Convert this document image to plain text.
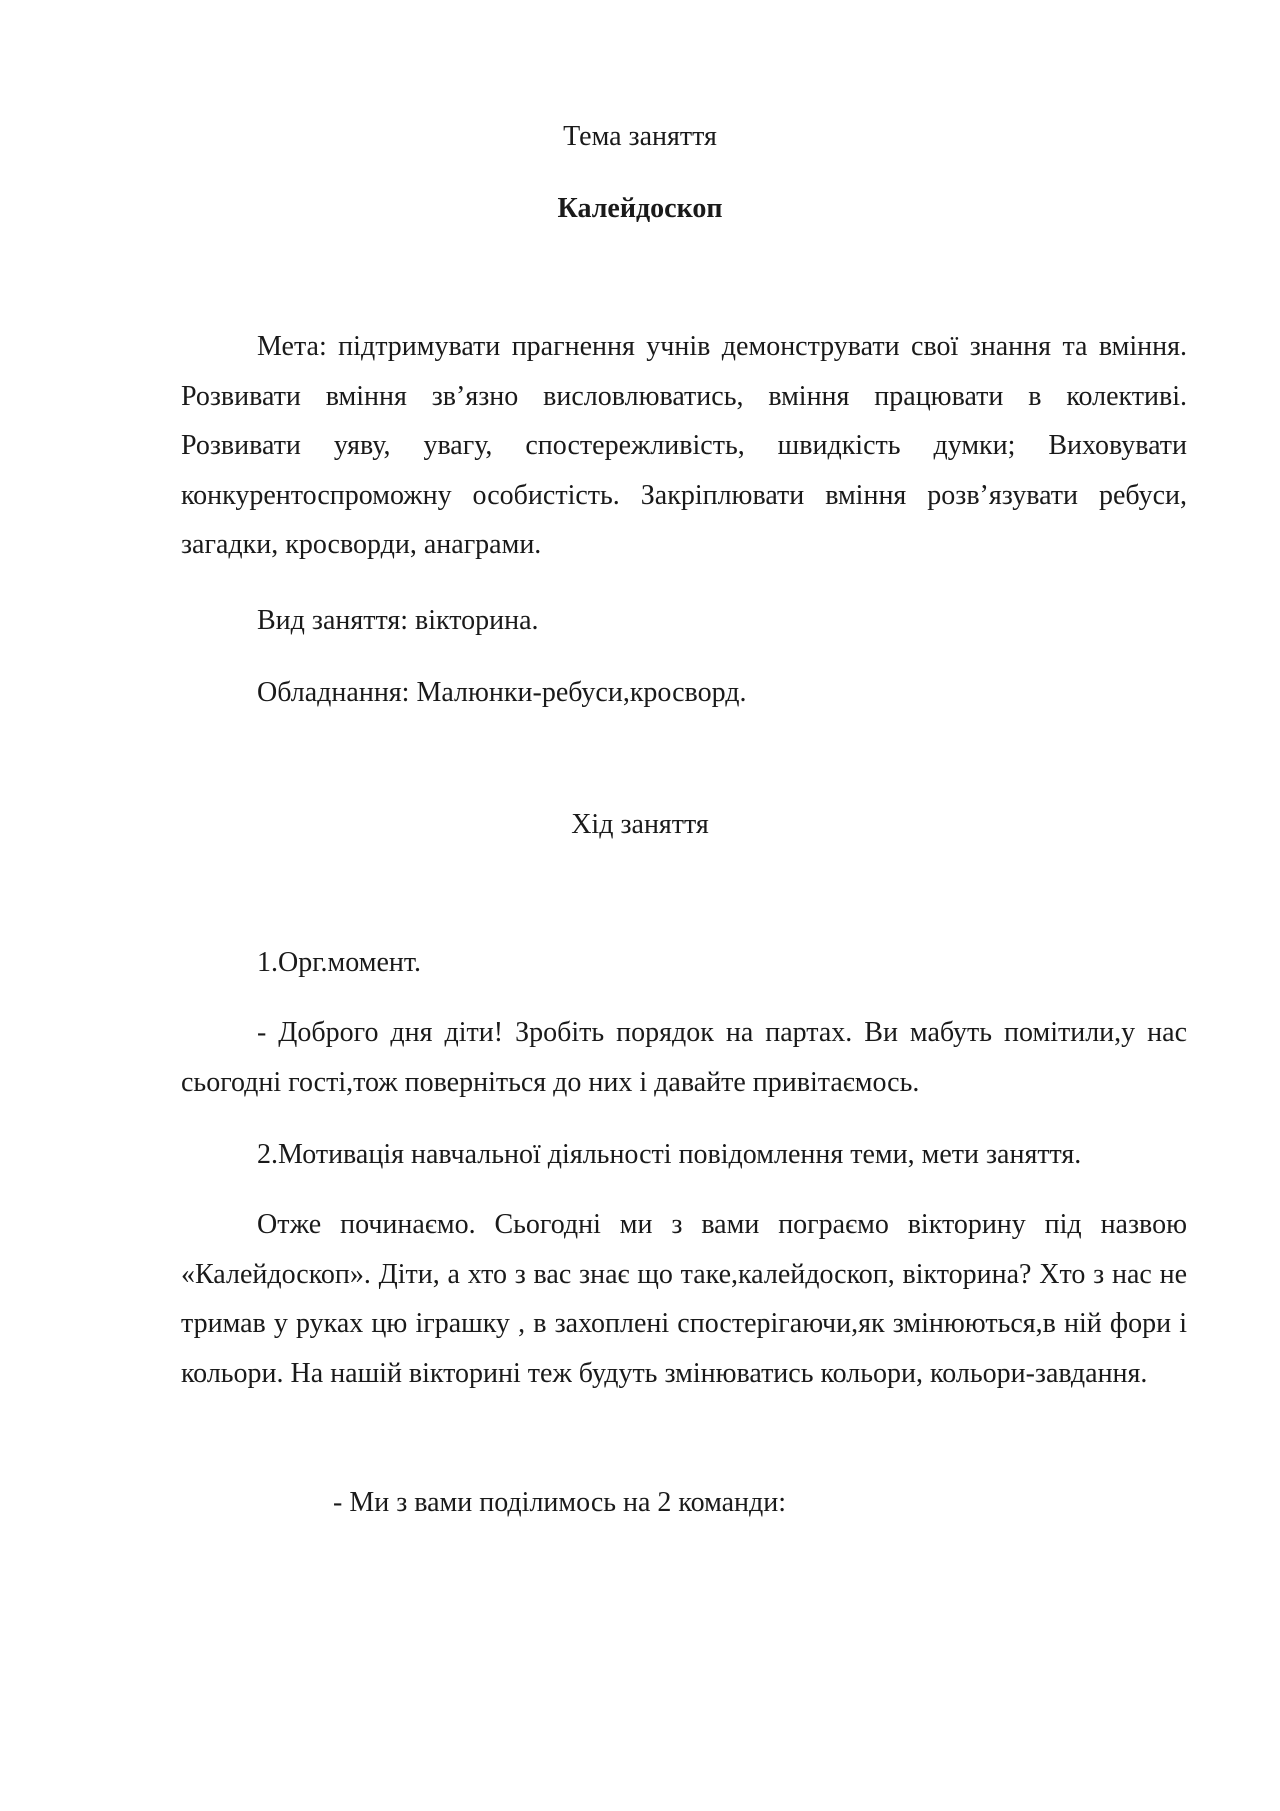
Тема заняття

Калейдоскоп

Мета: підтримувати прагнення учнів демонструвати свої знання та вміння. Розвивати вміння зв’язно висловлюватись, вміння працювати в колективі. Розвивати уяву, увагу, спостережливість, швидкість думки; Виховувати конкурентоспроможну особистість. Закріплювати вміння розв’язувати ребуси, загадки, кросворди, анаграми.

Вид заняття: вікторина.

Обладнання: Малюнки-ребуси,кросворд.

Хід заняття

1.Орг.момент.

- Доброго дня діти! Зробіть порядок на партах. Ви мабуть помітили,у нас сьогодні гості,тож поверніться до них і давайте привітаємось.

2.Мотивація навчальної діяльності повідомлення теми, мети заняття.

Отже починаємо. Сьогодні ми з вами пограємо вікторину під назвою «Калейдоскоп». Діти, а хто з вас знає що таке,калейдоскоп, вікторина? Хто з нас не тримав у руках цю іграшку , в захоплені спостерігаючи,як змінюються,в ній фори і кольори. На нашій вікторині теж будуть змінюватись кольори, кольори-завдання.

- Ми з вами поділимось на 2 команди:
